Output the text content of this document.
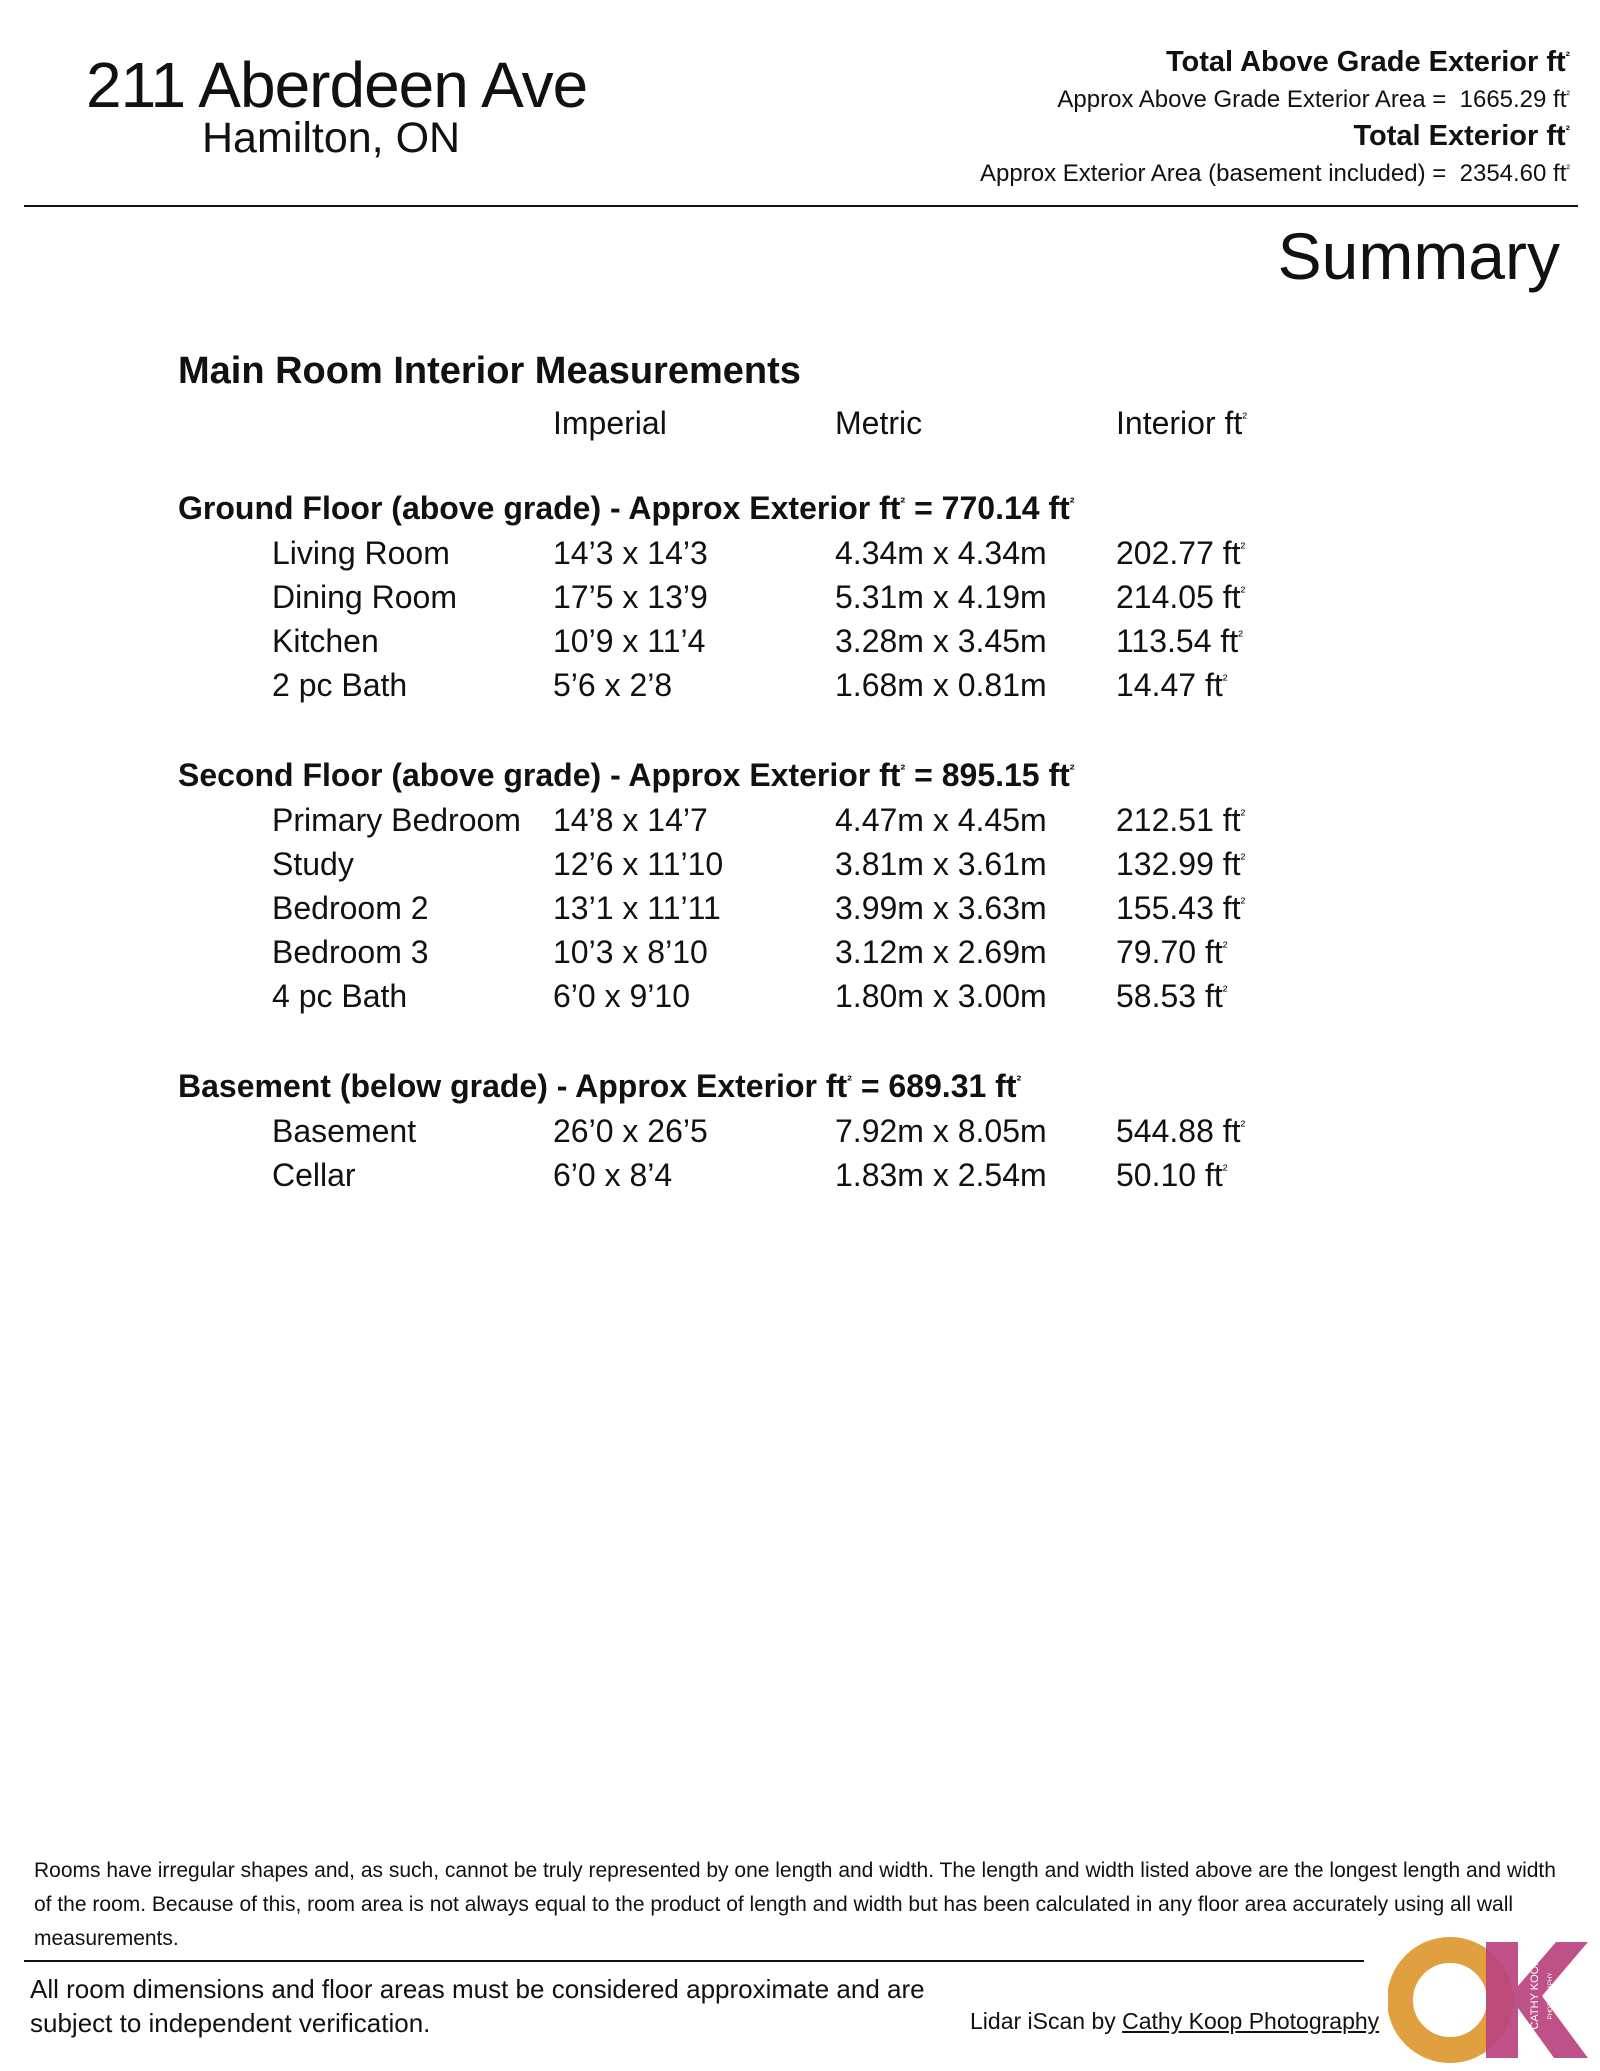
211 Aberdeen Ave
Hamilton, ON
Total Above Grade Exterior $ft^{^2}$
Approx Above Grade Exterior Area = 1665.29 $ft^{^2}$
Total Exterior $ft^{^2}$
Approx Exterior Area (basement included) = 2354.60 $ft^{^2}$
Summary
Main Room Interior Measurements
Imperial	Metric	Interior $ft^{^2}$
Ground Floor (above grade) - Approx Exterior $ft^{^2} = 770.14$ $ft^{^2}$
Living Room	14’3 x 14’3	4.34m x 4.34m 202.77 $ft^{^2}$
Dining Room	17’5 x 13’9	5.31m x 4.19m 214.05 $ft^{^2}$
Kitchen	10’9 x 11’4	3.28m x 3.45m 113.54 $ft^{^2}$
2 pc Bath	5’6 x 2’8	1.68m x 0.81m 14.47 $ft^{^2}$
Second Floor (above grade) - Approx Exterior $ft^{^2} = 895.15$ $ft^{^2}$
Primary Bedroom 14’8 x 14’7	4.47m x 4.45m 212.51 $ft^{^2}$
Study	12’6 x 11’10	3.81m x 3.61m 132.99 $ft^{^2}$
Bedroom 2	13’1 x 11’11	3.99m x 3.63m 155.43 $ft^{^2}$
Bedroom 3	10’3 x 8’10	3.12m x 2.69m 79.70 $ft^{^2}$
4 pc Bath	6’0 x 9’10	1.80m x 3.00m 58.53 $ft^{^2}$
Basement (below grade) - Approx Exterior $ft^{^2} = 689.31$ $ft^{^2}$
Basement	26’0 x 26’5	7.92m x 8.05m 544.88 $ft^{^2}$
Cellar	6’0 x 8’4	1.83m x 2.54m 50.10 $ft^{^2}$
Rooms have irregular shapes and, as such, cannot be truly represented by one length and width. The length and width listed above are the longest length and width of the room. Because of this, room area is not always equal to the product of length and width but has been calculated in any floor area accurately using all wall measurements.
All room dimensions and floor areas must be considered approximate and are subject to independent verification.	Lidar iScan by Cathy Koop Photography	CATHY KOOP PHOTOGRAPHY
